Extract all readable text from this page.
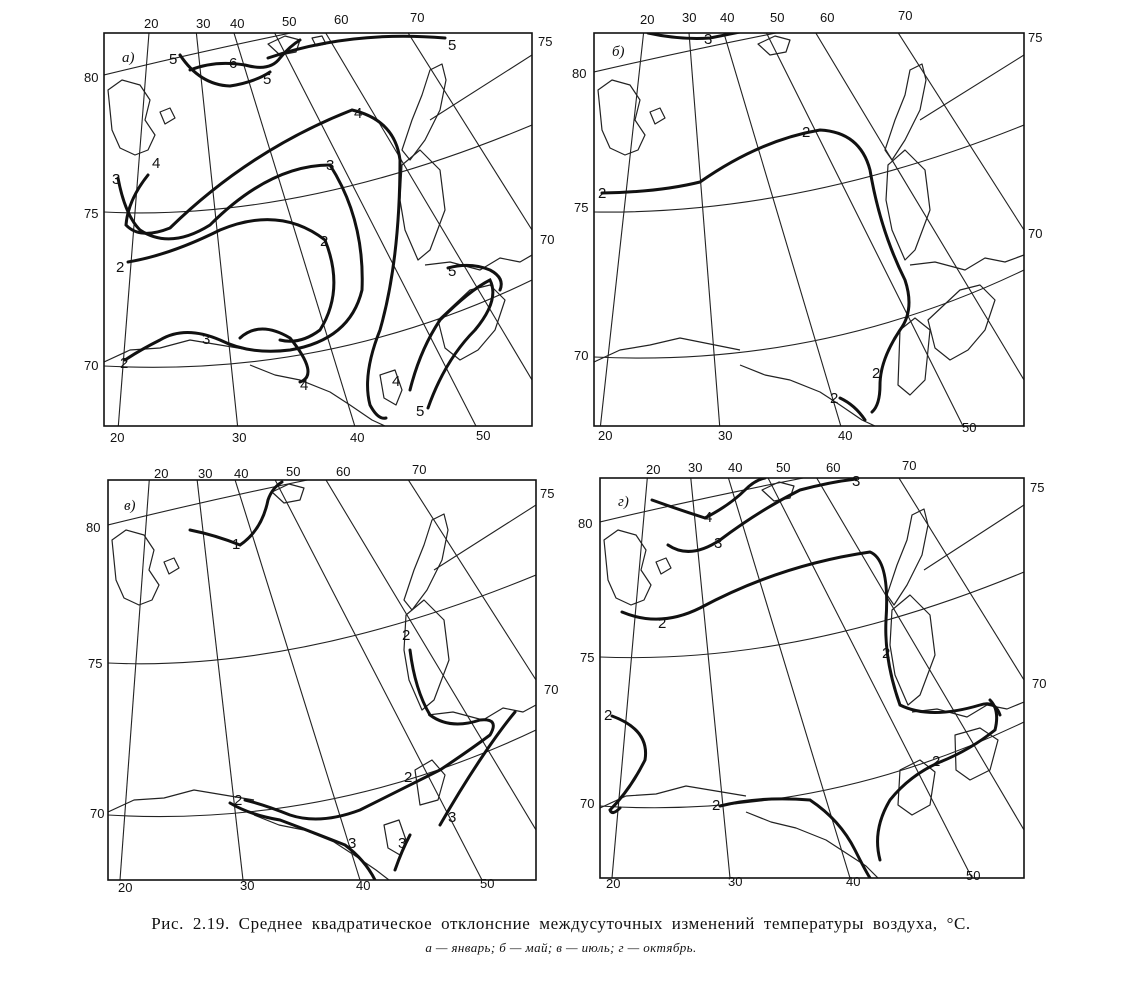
а)
20	30 40	50	60	70
20	30	40	50
80
75
70
75
70
5	6
5
5
4
4	3
3
2
2
2
3
4
5
4
5
б)
20 30 40	50	60	70
20	30	40
50
80
75
70
75
70
3
2
2
2
2
в)
20 30 40	50	60	70
20	30	40	50
80
75
70
75
70
1
2
2
2
3	3
3
г)
20 30 40	50	60	70
20	30	40	50
80
75
70
75
70
3
4
3
2
2
2
2
2
Рис. 2.19. Среднее квадратическое отклонсние междусуточных изменений температуры воздуха, °С.
а — январь; б — май; в — июль; г — октябрь.
